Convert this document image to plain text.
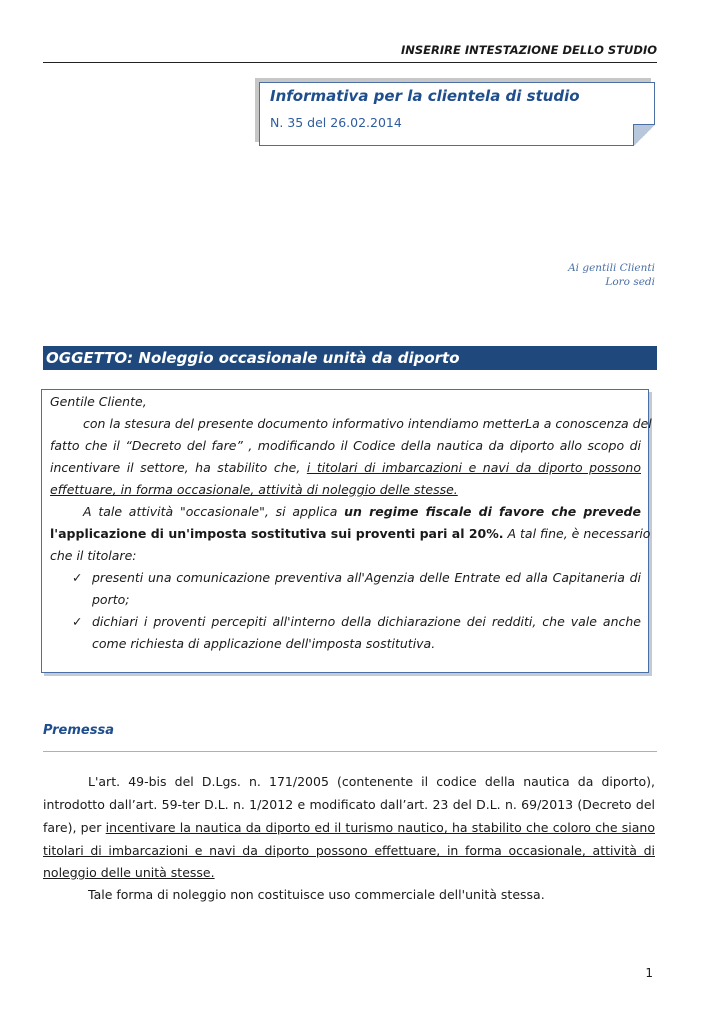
INSERIRE INTESTAZIONE DELLO STUDIO
Informativa per la clientela di studio
N. 35 del 26.02.2014
Ai gentili Clienti
Loro sedi
OGGETTO: Noleggio occasionale unità da diporto
Gentile Cliente,
con la stesura del presente documento informativo intendiamo metterLa a conoscenza del
fatto che il “Decreto del fare” , modificando il Codice della nautica da diporto allo scopo di
incentivare il settore, ha stabilito che, i titolari di imbarcazioni e navi da diporto possono
effettuare, in forma occasionale, attività di noleggio delle stesse.
A tale attività "occasionale", si applica un regime fiscale di favore che prevede
l'applicazione di un'imposta sostitutiva sui proventi pari al 20%. A tal fine, è necessario
che il titolare:
✓ presenti una comunicazione preventiva all'Agenzia delle Entrate ed alla Capitaneria di
porto;
✓ dichiari i proventi percepiti all'interno della dichiarazione dei redditi, che vale anche
come richiesta di applicazione dell'imposta sostitutiva.
Premessa
L'art. 49-bis del D.Lgs. n. 171/2005 (contenente il codice della nautica da diporto),
introdotto dall’art. 59-ter D.L. n. 1/2012 e modificato dall’art. 23 del D.L. n. 69/2013 (Decreto del
fare), per incentivare la nautica da diporto ed il turismo nautico, ha stabilito che coloro che siano
titolari di imbarcazioni e navi da diporto possono effettuare, in forma occasionale, attività di
noleggio delle unità stesse.
Tale forma di noleggio non costituisce uso commerciale dell'unità stessa.
1
